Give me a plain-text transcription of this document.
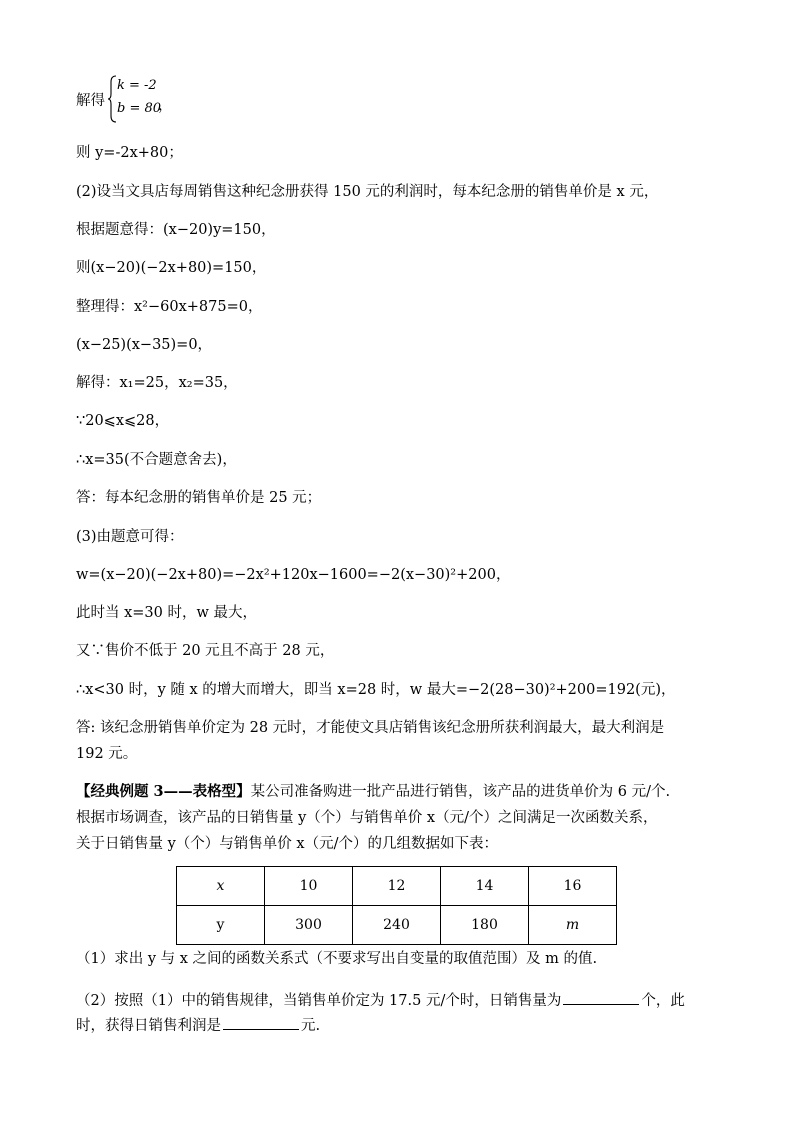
解得
k = -2
b = 80
，
则 y=-2x+80；
(2)设当文具店每周销售这种纪念册获得 150 元的利润时，每本纪念册的销售单价是 x 元，
根据题意得：(x−20)y=150，
则(x−20)(−2x+80)=150，
整理得：x²−60x+875=0，
(x−25)(x−35)=0，
解得：x₁=25，x₂=35，
∵20⩽x⩽28，
∴x=35(不合题意舍去)，
答：每本纪念册的销售单价是 25 元；
(3)由题意可得：
w=(x−20)(−2x+80)=−2x²+120x−1600=−2(x−30)²+200，
此时当 x=30 时，w 最大，
又∵售价不低于 20 元且不高于 28 元，
∴x<30 时，y 随 x 的增大而增大，即当 x=28 时，w 最大=−2(28−30)²+200=192(元)，
答: 该纪念册销售单价定为 28 元时，才能使文具店销售该纪念册所获利润最大，最大利润是
192 元。
【经典例题 3——表格型】某公司准备购进一批产品进行销售，该产品的进货单价为 6 元/个.
根据市场调查，该产品的日销售量 y（个）与销售单价 x（元/个）之间满足一次函数关系，
关于日销售量 y（个）与销售单价 x（元/个）的几组数据如下表：
x	10	12	14	16
y	300	240	180	m
（1）求出 y 与 x 之间的函数关系式（不要求写出自变量的取值范围）及 m 的值.
（2）按照（1）中的销售规律，当销售单价定为 17.5 元/个时，日销售量为	个，此
时，获得日销售利润是	元.
